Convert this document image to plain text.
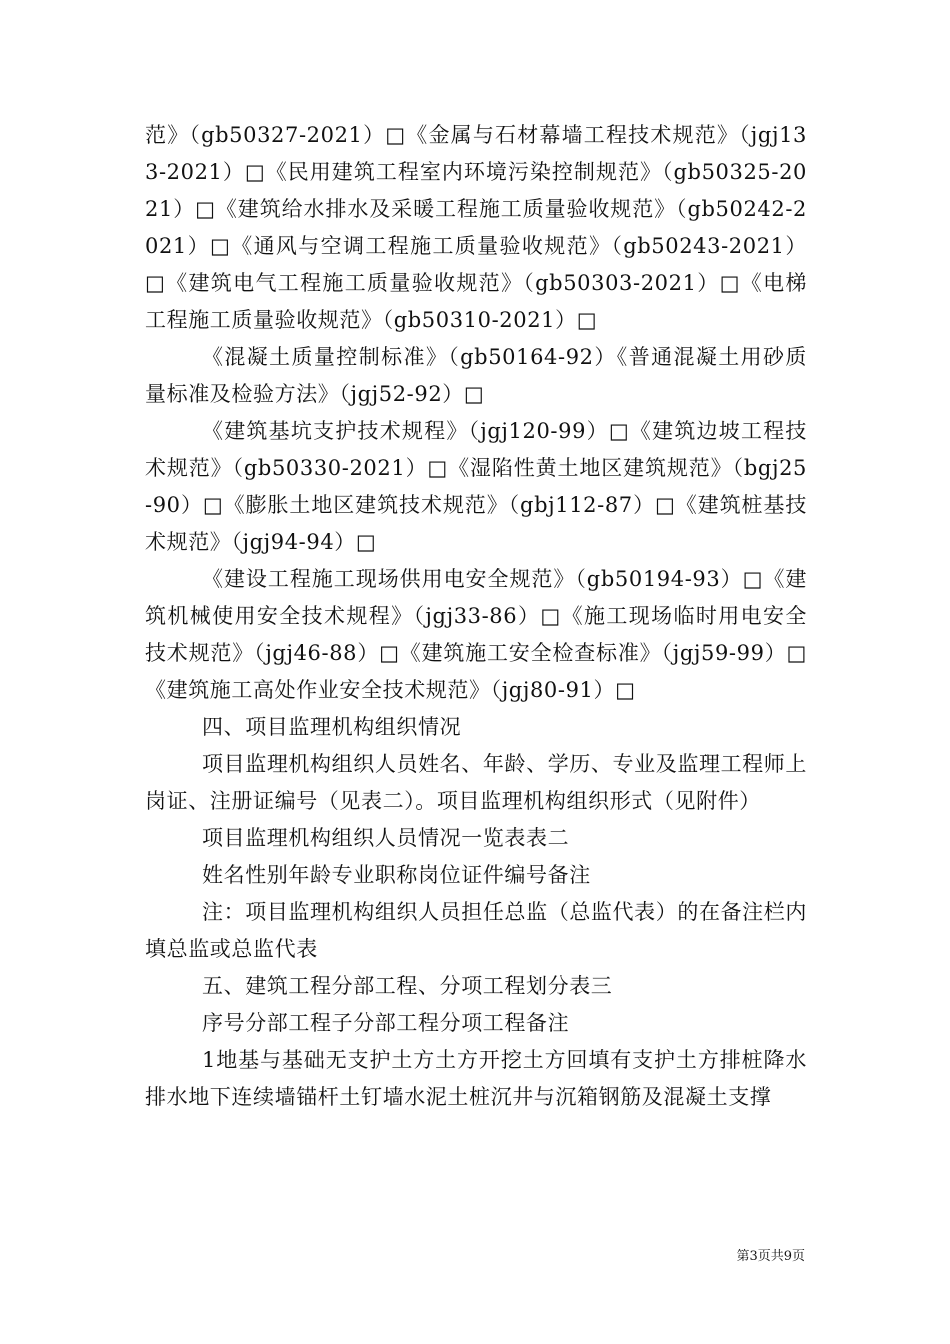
范》（gb50327-2021）□《金属与石材幕墙工程技术规范》（jgj133-2021）□《民用建筑工程室内环境污染控制规范》（gb50325-2021）□《建筑给水排水及采暖工程施工质量验收规范》（gb50242-2021）□《通风与空调工程施工质量验收规范》（gb50243-2021）□《建筑电气工程施工质量验收规范》（gb50303-2021）□《电梯工程施工质量验收规范》（gb50310-2021）□

《混凝土质量控制标准》（gb50164-92）《普通混凝土用砂质量标准及检验方法》（jgj52-92）□

《建筑基坑支护技术规程》（jgj120-99）□《建筑边坡工程技术规范》（gb50330-2021）□《湿陷性黄土地区建筑规范》（bgj25-90）□《膨胀土地区建筑技术规范》（gbj112-87）□《建筑桩基技术规范》（jgj94-94）□

《建设工程施工现场供用电安全规范》（gb50194-93）□《建筑机械使用安全技术规程》（jgj33-86）□《施工现场临时用电安全技术规范》（jgj46-88）□《建筑施工安全检查标准》（jgj59-99）□《建筑施工高处作业安全技术规范》（jgj80-91）□

四、项目监理机构组织情况

项目监理机构组织人员姓名、年龄、学历、专业及监理工程师上岗证、注册证编号（见表二）。项目监理机构组织形式（见附件）

项目监理机构组织人员情况一览表表二

姓名性别年龄专业职称岗位证件编号备注

注：项目监理机构组织人员担任总监（总监代表）的在备注栏内填总监或总监代表

五、建筑工程分部工程、分项工程划分表三

序号分部工程子分部工程分项工程备注

1地基与基础无支护土方土方开挖土方回填有支护土方排桩降水排水地下连续墙锚杆土钉墙水泥土桩沉井与沉箱钢筋及混凝土支撑

第3页共9页
